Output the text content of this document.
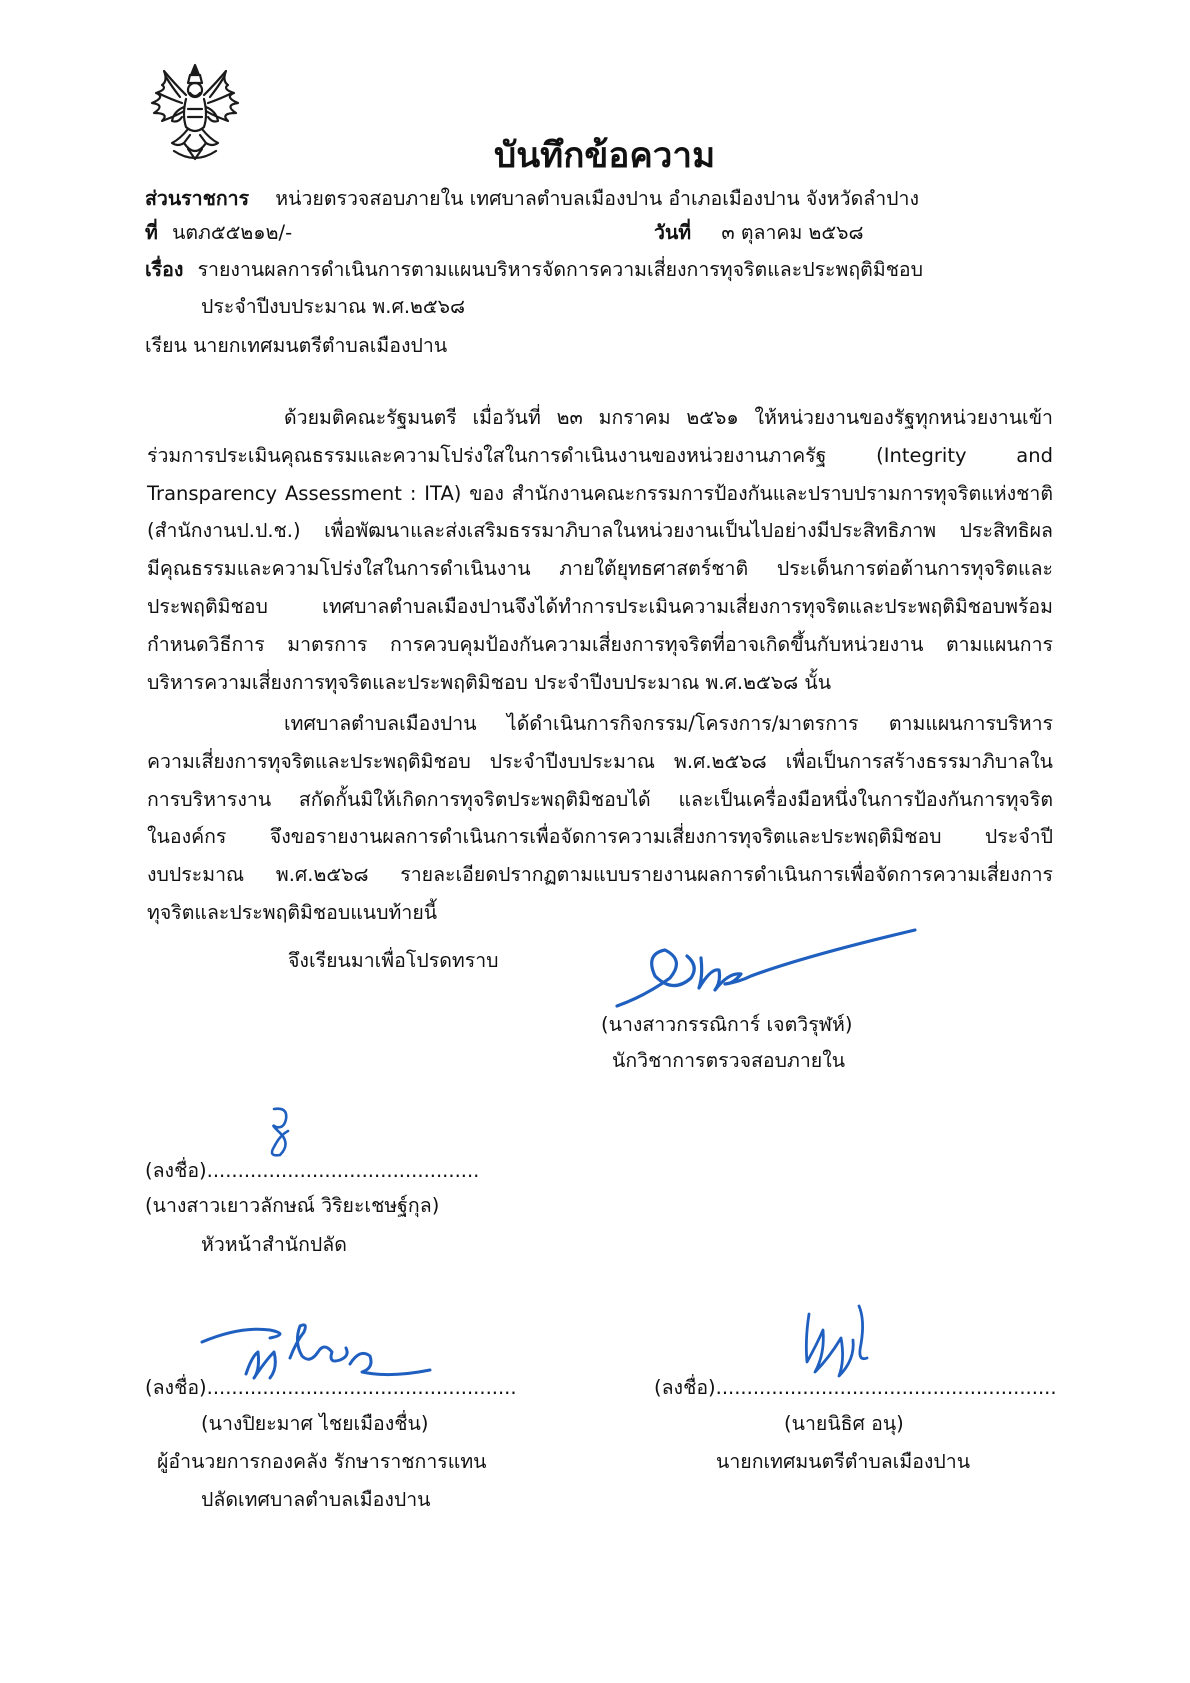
บันทึกข้อความ
ส่วนราชการ หน่วยตรวจสอบภายใน เทศบาลตำบลเมืองปาน อำเภอเมืองปาน จังหวัดลำปาง
ที่ นตภ๕๕๒๑๒/-	วันที่ ๓ ตุลาคม ๒๕๖๘
เรื่อง รายงานผลการดำเนินการตามแผนบริหารจัดการความเสี่ยงการทุจริตและประพฤติมิชอบ
ประจำปีงบประมาณ พ.ศ.๒๕๖๘
เรียน นายกเทศมนตรีตำบลเมืองปาน
ด้วยมติคณะรัฐมนตรี เมื่อวันที่ ๒๓ มกราคม ๒๕๖๑ ให้หน่วยงานของรัฐทุกหน่วยงานเข้า
ร่วมการประเมินคุณธรรมและความโปร่งใสในการดำเนินงานของหน่วยงานภาครัฐ (Integrity and
Transparency Assessment : ITA) ของ สำนักงานคณะกรรมการป้องกันและปราบปรามการทุจริตแห่งชาติ
(สำนักงานป.ป.ช.) เพื่อพัฒนาและส่งเสริมธรรมาภิบาลในหน่วยงานเป็นไปอย่างมีประสิทธิภาพ ประสิทธิผล
มีคุณธรรมและความโปร่งใสในการดำเนินงาน ภายใต้ยุทธศาสตร์ชาติ ประเด็นการต่อต้านการทุจริตและ
ประพฤติมิชอบ เทศบาลตำบลเมืองปานจึงได้ทำการประเมินความเสี่ยงการทุจริตและประพฤติมิชอบพร้อม
กำหนดวิธีการ มาตรการ การควบคุมป้องกันความเสี่ยงการทุจริตที่อาจเกิดขึ้นกับหน่วยงาน ตามแผนการ
บริหารความเสี่ยงการทุจริตและประพฤติมิชอบ ประจำปีงบประมาณ พ.ศ.๒๕๖๘ นั้น
เทศบาลตำบลเมืองปาน ได้ดำเนินการกิจกรรม/โครงการ/มาตรการ ตามแผนการบริหาร
ความเสี่ยงการทุจริตและประพฤติมิชอบ ประจำปีงบประมาณ พ.ศ.๒๕๖๘ เพื่อเป็นการสร้างธรรมาภิบาลใน
การบริหารงาน สกัดกั้นมิให้เกิดการทุจริตประพฤติมิชอบได้ และเป็นเครื่องมือหนึ่งในการป้องกันการทุจริต
ในองค์กร จึงขอรายงานผลการดำเนินการเพื่อจัดการความเสี่ยงการทุจริตและประพฤติมิชอบ ประจำปี
งบประมาณ พ.ศ.๒๕๖๘ รายละเอียดปรากฏตามแบบรายงานผลการดำเนินการเพื่อจัดการความเสี่ยงการ
ทุจริตและประพฤติมิชอบแนบท้ายนี้
จึงเรียนมาเพื่อโปรดทราบ
(นางสาวกรรณิการ์ เจตวิรุฬห์)
นักวิชาการตรวจสอบภายใน
(ลงชื่อ)............................................
(นางสาวเยาวลักษณ์ วิริยะเชษฐ์กุล)
หัวหน้าสำนักปลัด
(ลงชื่อ)..................................................
(นางปิยะมาศ ไชยเมืองชื่น)
ผู้อำนวยการกองคลัง รักษาราชการแทน
ปลัดเทศบาลตำบลเมืองปาน
(ลงชื่อ).......................................................
(นายนิธิศ อนุ)
นายกเทศมนตรีตำบลเมืองปาน
